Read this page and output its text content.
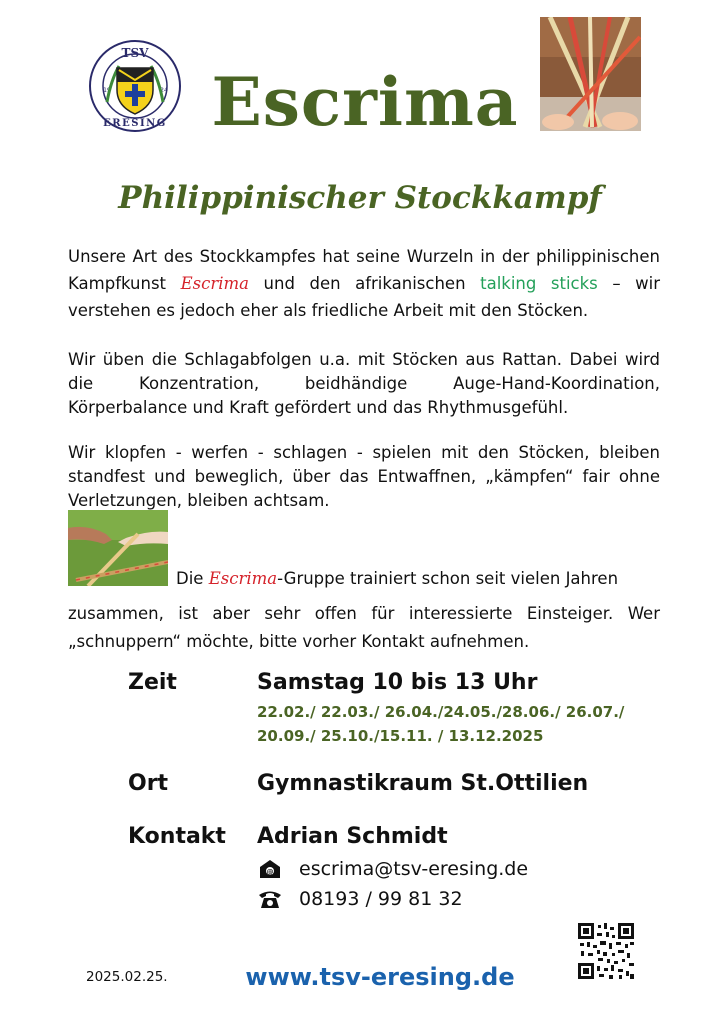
TSV
ERESING
19	24 Escrima
Philippinischer Stockkampf
Unsere Art des Stockkampfes hat seine Wurzeln in der philippinischen Kampfkunst Escrima und den afrikanischen talking sticks – wir verstehen es jedoch eher als friedliche Arbeit mit den Stöcken.
Wir üben die Schlagabfolgen u.a. mit Stöcken aus Rattan. Dabei wird die Konzentration, beidhändige Auge-Hand-Koordination, Körperbalance und Kraft gefördert und das Rhythmusgefühl.
Wir klopfen - werfen - schlagen - spielen mit den Stöcken, bleiben standfest und beweglich, über das Entwaffnen, „kämpfen“ fair ohne Verletzungen, bleiben achtsam.
Die Escrima-Gruppe trainiert schon seit vielen Jahren
zusammen, ist aber sehr offen für interessierte Einsteiger. Wer „schnuppern“ möchte, bitte vorher Kontakt aufnehmen.
Zeit	Samstag 10 bis 13 Uhr
22.02./ 22.03./ 26.04./24.05./28.06./ 26.07./
20.09./ 25.10./15.11. / 13.12.2025
Ort	Gymnastikraum St.Ottilien
Kontakt Adrian Schmidt
@ escrima@tsv-eresing.de
08193 / 99 81 32
2025.02.25.	www.tsv-eresing.de
